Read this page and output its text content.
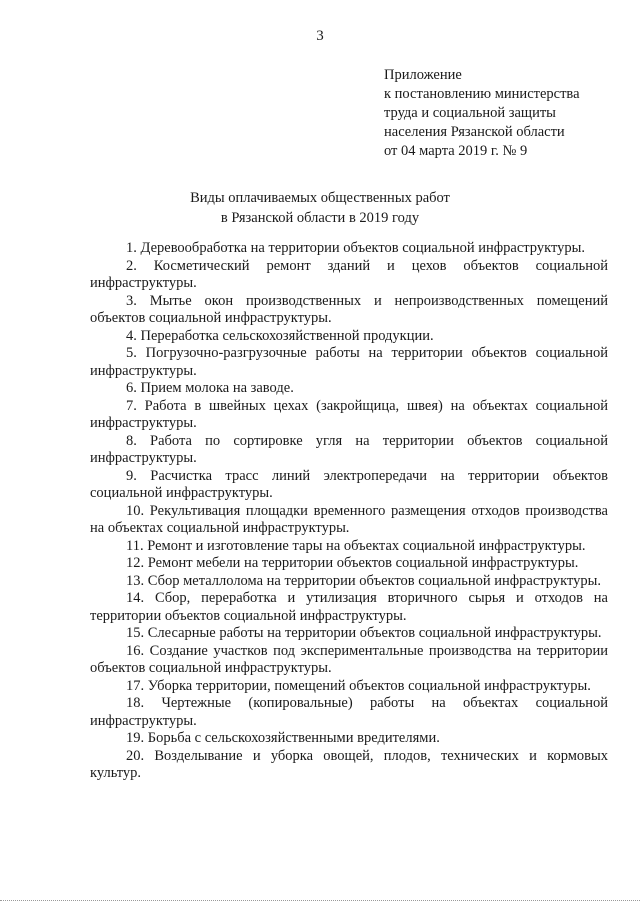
3
Приложение
к постановлению министерства
труда и социальной защиты
населения Рязанской области
от 04 марта 2019 г. № 9
Виды оплачиваемых общественных работ
в Рязанской области в 2019 году
1. Деревообработка на территории объектов социальной инфраструктуры.
2. Косметический ремонт зданий и цехов объектов социальной инфраструктуры.
3. Мытье окон производственных и непроизводственных помещений объектов социальной инфраструктуры.
4. Переработка сельскохозяйственной продукции.
5. Погрузочно-разгрузочные работы на территории объектов социальной инфраструктуры.
6. Прием молока на заводе.
7. Работа в швейных цехах (закройщица, швея) на объектах социальной инфраструктуры.
8. Работа по сортировке угля на территории объектов социальной инфраструктуры.
9. Расчистка трасс линий электропередачи на территории объектов социальной инфраструктуры.
10. Рекультивация площадки временного размещения отходов производства на объектах социальной инфраструктуры.
11. Ремонт и изготовление тары на объектах социальной инфраструктуры.
12. Ремонт мебели на территории объектов социальной инфраструктуры.
13. Сбор металлолома на территории объектов социальной инфраструктуры.
14. Сбор, переработка и утилизация вторичного сырья и отходов на территории объектов социальной инфраструктуры.
15. Слесарные работы на территории объектов социальной инфраструктуры.
16. Создание участков под экспериментальные производства на территории объектов социальной инфраструктуры.
17. Уборка территории, помещений объектов социальной инфраструктуры.
18. Чертежные (копировальные) работы на объектах социальной инфраструктуры.
19. Борьба с сельскохозяйственными вредителями.
20. Возделывание и уборка овощей, плодов, технических и кормовых культур.
